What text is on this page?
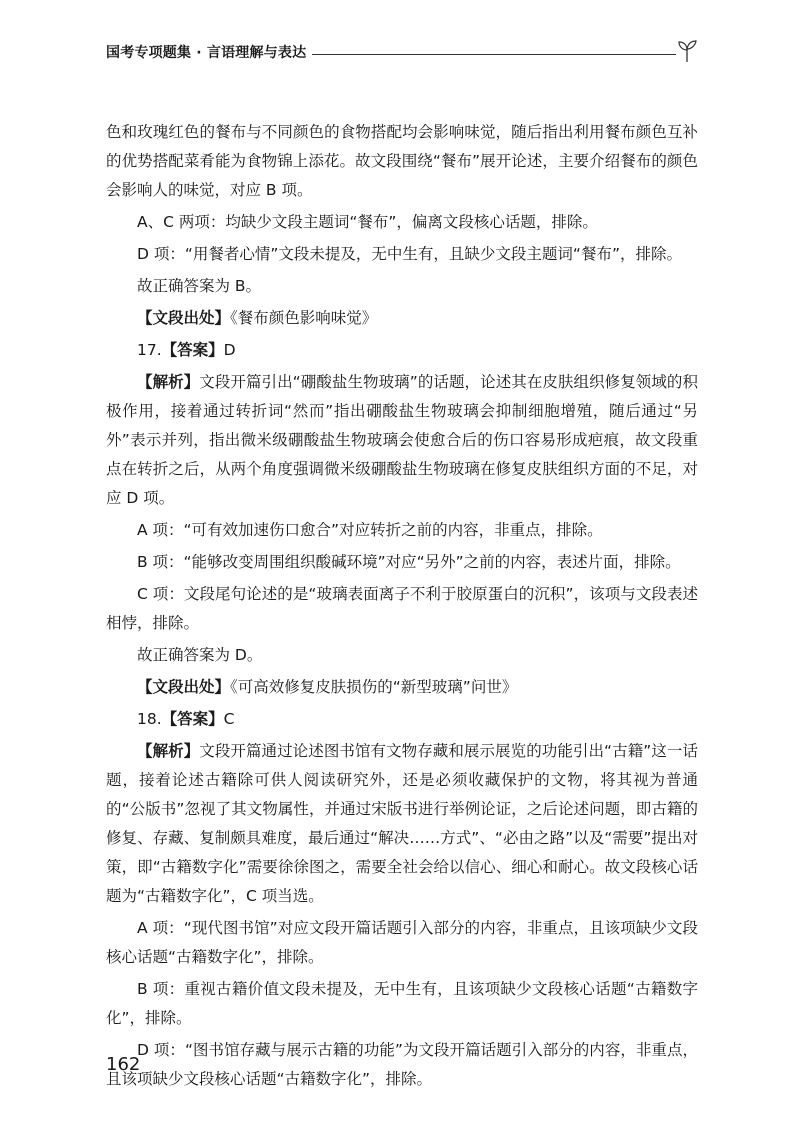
国考专项题集 · 言语理解与表达

色和玫瑰红色的餐布与不同颜色的食物搭配均会影响味觉，随后指出利用餐布颜色互补的优势搭配菜肴能为食物锦上添花。故文段围绕“餐布”展开论述，主要介绍餐布的颜色会影响人的味觉，对应 B 项。

A、C 两项：均缺少文段主题词“餐布”，偏离文段核心话题，排除。

D 项：“用餐者心情”文段未提及，无中生有，且缺少文段主题词“餐布”，排除。

故正确答案为 B。

【文段出处】《餐布颜色影响味觉》

17.【答案】D

【解析】文段开篇引出“硼酸盐生物玻璃”的话题，论述其在皮肤组织修复领域的积极作用，接着通过转折词“然而”指出硼酸盐生物玻璃会抑制细胞增殖，随后通过“另外”表示并列，指出微米级硼酸盐生物玻璃会使愈合后的伤口容易形成疤痕，故文段重点在转折之后，从两个角度强调微米级硼酸盐生物玻璃在修复皮肤组织方面的不足，对应 D 项。

A 项：“可有效加速伤口愈合”对应转折之前的内容，非重点，排除。

B 项：“能够改变周围组织酸碱环境”对应“另外”之前的内容，表述片面，排除。

C 项：文段尾句论述的是“玻璃表面离子不利于胶原蛋白的沉积”，该项与文段表述相悖，排除。

故正确答案为 D。

【文段出处】《可高效修复皮肤损伤的“新型玻璃”问世》

18.【答案】C

【解析】文段开篇通过论述图书馆有文物存藏和展示展览的功能引出“古籍”这一话题，接着论述古籍除可供人阅读研究外，还是必须收藏保护的文物，将其视为普通的“公版书”忽视了其文物属性，并通过宋版书进行举例论证，之后论述问题，即古籍的修复、存藏、复制颇具难度，最后通过“解决……方式”、“必由之路”以及“需要”提出对策，即“古籍数字化”需要徐徐图之，需要全社会给以信心、细心和耐心。故文段核心话题为“古籍数字化”，C 项当选。

A 项：“现代图书馆”对应文段开篇话题引入部分的内容，非重点，且该项缺少文段核心话题“古籍数字化”，排除。

B 项：重视古籍价值文段未提及，无中生有，且该项缺少文段核心话题“古籍数字化”，排除。

D 项：“图书馆存藏与展示古籍的功能”为文段开篇话题引入部分的内容，非重点，且该项缺少文段核心话题“古籍数字化”，排除。

162
